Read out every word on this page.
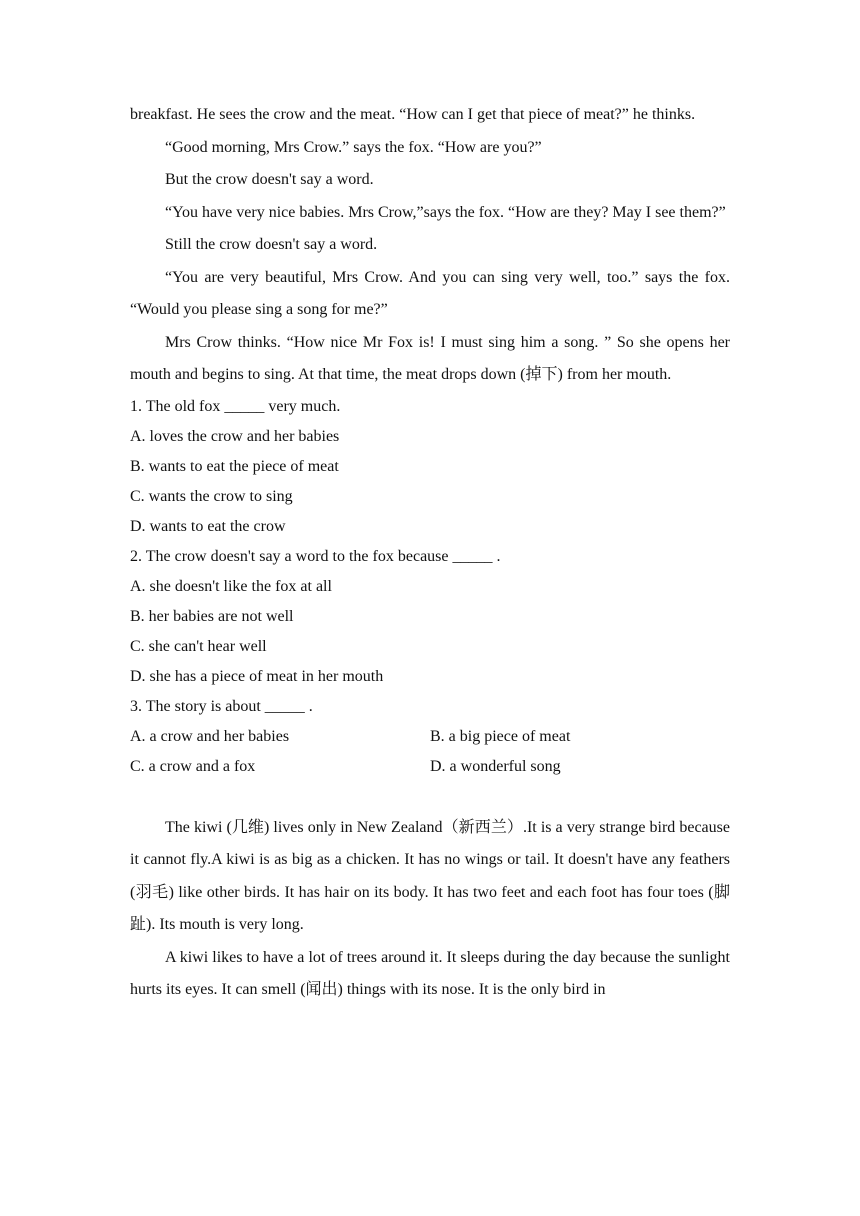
breakfast. He sees the crow and the meat. “How can I get that piece of meat?” he thinks.

“Good morning, Mrs Crow.” says the fox. “How are you?”

But the crow doesn't say a word.

“You have very nice babies. Mrs Crow,”says the fox. “How are they? May I see them?”

Still the crow doesn't say a word.

“You are very beautiful, Mrs Crow. And you can sing very well, too.” says the fox. “Would you please sing a song for me?”

Mrs Crow thinks. “How nice Mr Fox is! I must sing him a song. ” So she opens her mouth and begins to sing. At that time, the meat drops down (掉下) from her mouth.

1. The old fox _____ very much.

A. loves the crow and her babies

B. wants to eat the piece of meat

C. wants the crow to sing

D. wants to eat the crow

2. The crow doesn't say a word to the fox because _____ .

A. she doesn't like the fox at all

B. her babies are not well

C. she can't hear well

D. she has a piece of meat in her mouth

3. The story is about _____ .

A. a crow and her babies	B. a big piece of meat
C. a crow and a fox	D. a wonderful song

The kiwi (几维) lives only in New Zealand（新西兰）.It is a very strange bird because it cannot fly.A kiwi is as big as a chicken. It has no wings or tail. It doesn't have any feathers (羽毛) like other birds. It has hair on its body. It has two feet and each foot has four toes (脚趾). Its mouth is very long.

A kiwi likes to have a lot of trees around it. It sleeps during the day because the sunlight hurts its eyes. It can smell (闻出) things with its nose. It is the only bird in
